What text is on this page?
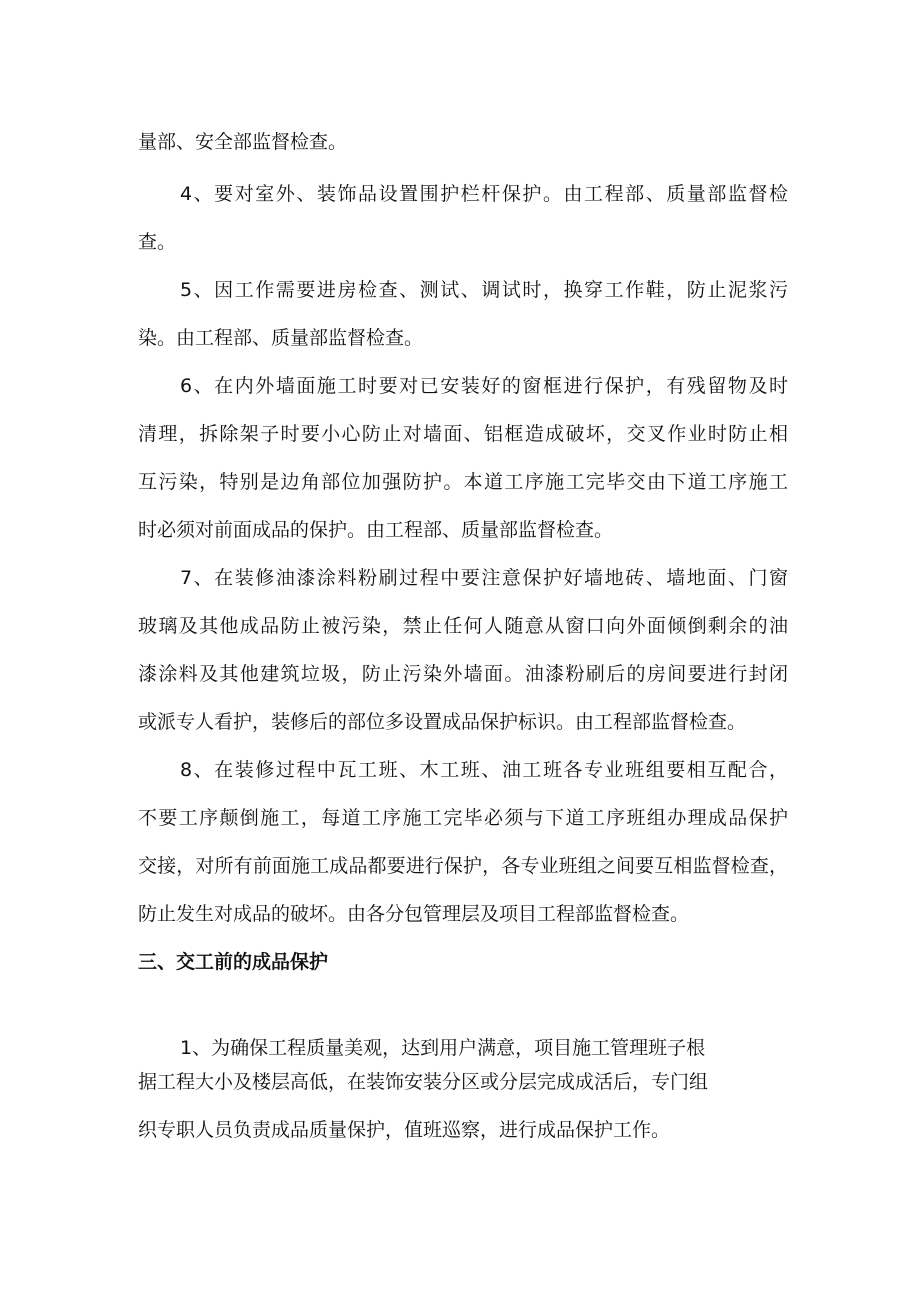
量部、安全部监督检查。
4、要对室外、装饰品设置围护栏杆保护。由工程部、质量部监督检
查。
5、因工作需要进房检查、测试、调试时，换穿工作鞋，防止泥浆污
染。由工程部、质量部监督检查。
6、在内外墙面施工时要对已安装好的窗框进行保护，有残留物及时
清理，拆除架子时要小心防止对墙面、铝框造成破坏，交叉作业时防止相
互污染，特别是边角部位加强防护。本道工序施工完毕交由下道工序施工
时必须对前面成品的保护。由工程部、质量部监督检查。
7、在装修油漆涂料粉刷过程中要注意保护好墙地砖、墙地面、门窗
玻璃及其他成品防止被污染，禁止任何人随意从窗口向外面倾倒剩余的油
漆涂料及其他建筑垃圾，防止污染外墙面。油漆粉刷后的房间要进行封闭
或派专人看护，装修后的部位多设置成品保护标识。由工程部监督检查。
8、在装修过程中瓦工班、木工班、油工班各专业班组要相互配合，
不要工序颠倒施工，每道工序施工完毕必须与下道工序班组办理成品保护
交接，对所有前面施工成品都要进行保护，各专业班组之间要互相监督检查，
防止发生对成品的破坏。由各分包管理层及项目工程部监督检查。
三、交工前的成品保护
1、为确保工程质量美观，达到用户满意，项目施工管理班子根
据工程大小及楼层高低，在装饰安装分区或分层完成成活后，专门组
织专职人员负责成品质量保护，值班巡察，进行成品保护工作。
